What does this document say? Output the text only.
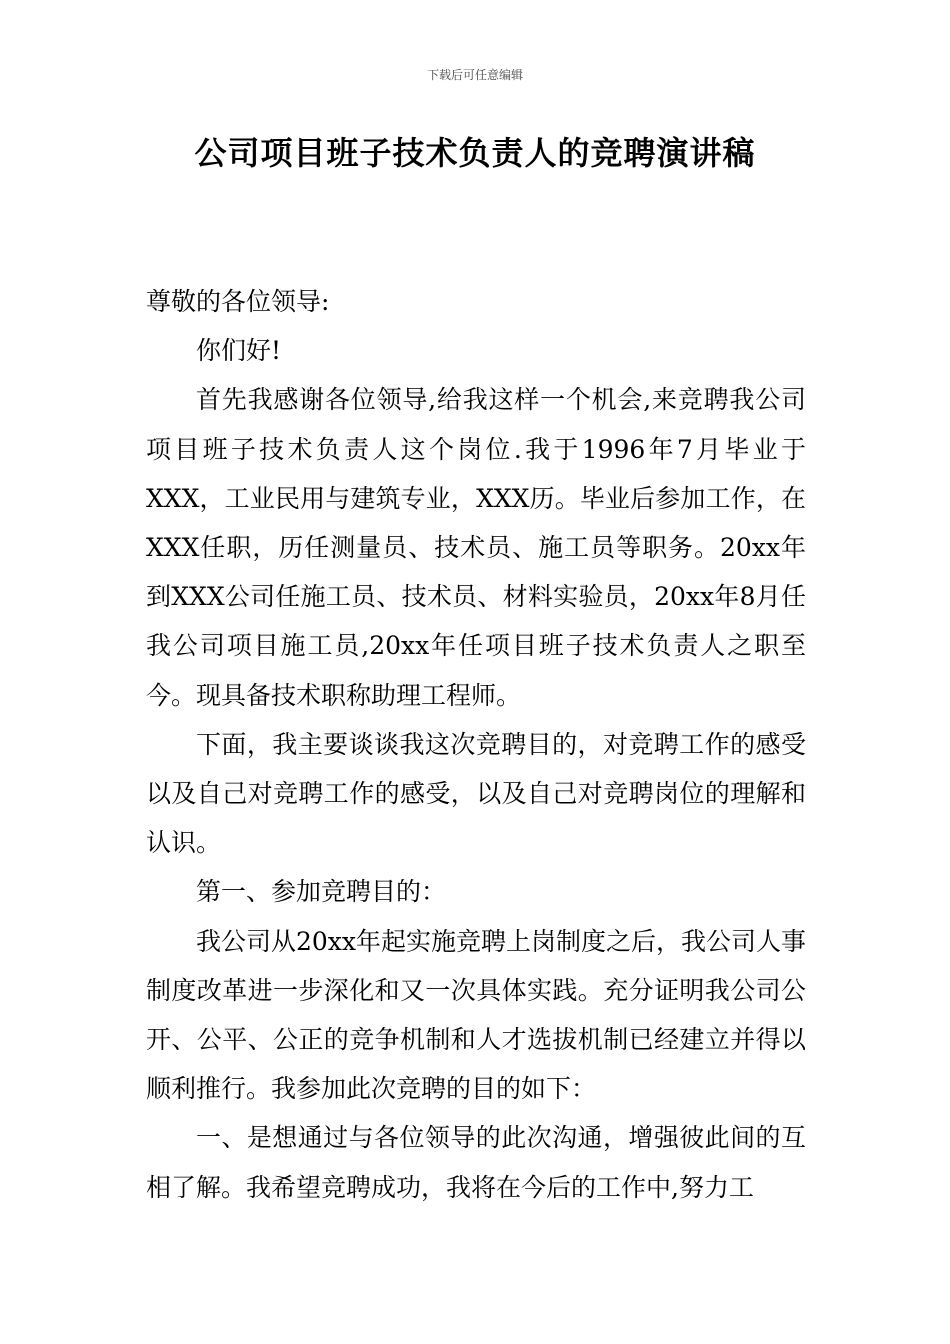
下载后可任意编辑
公司项目班子技术负责人的竞聘演讲稿

尊敬的各位领导:

你们好!

首先我感谢各位领导,给我这样一个机会,来竞聘我公司项目班子技术负责人这个岗位.我于1996年7月毕业于XXX，工业民用与建筑专业，XXX历。毕业后参加工作，在XXX任职，历任测量员、技术员、施工员等职务。20xx年到XXX公司任施工员、技术员、材料实验员，20xx年8月任我公司项目施工员,20xx年任项目班子技术负责人之职至今。现具备技术职称助理工程师。

下面，我主要谈谈我这次竞聘目的，对竞聘工作的感受以及自己对竞聘工作的感受，以及自己对竞聘岗位的理解和认识。

第一、参加竞聘目的：

我公司从20xx年起实施竞聘上岗制度之后，我公司人事制度改革进一步深化和又一次具体实践。充分证明我公司公开、公平、公正的竞争机制和人才选拔机制已经建立并得以顺利推行。我参加此次竞聘的目的如下：

一、是想通过与各位领导的此次沟通，增强彼此间的互相了解。我希望竞聘成功，我将在今后的工作中,努力工
